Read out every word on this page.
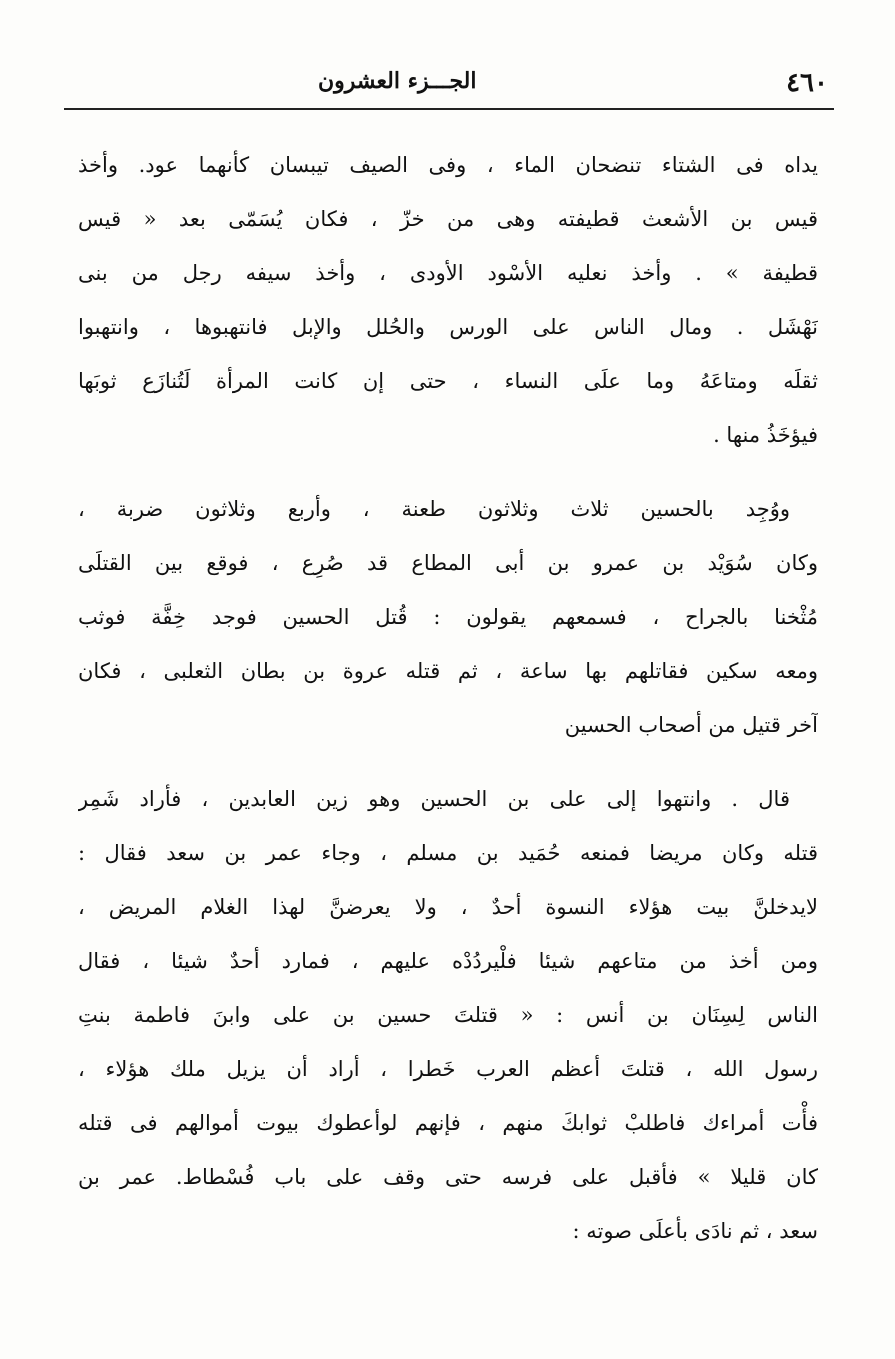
٤٦٠
الجـــزء العشرون
يداه فى الشتاء تنضحان الماء ، وفى الصيف تيبسان كأنهما عود. وأخذ
قيس بن الأشعث قطيفته وهى من خزّ ، فكان يُسَمّى بعد « قيس
قطيفة » . وأخذ نعليه الأسْود الأودى ، وأخذ سيفه رجل من بنى
نَهْشَل . ومال الناس على الورس والحُلل والإبل فانتهبوها ، وانتهبوا
ثقلَه ومتاعَهُ وما علَى النساء ، حتى إن كانت المرأة لَتُنازَع ثوبَها
فيؤخَذُ منها .
ووُجِد بالحسين ثلاث وثلاثون طعنة ، وأربع وثلاثون ضربة ،
وكان سُوَيْد بن عمرو بن أبى المطاع قد صُرِع ، فوقع بين القتلَى
مُثْخنا بالجراح ، فسمعهم يقولون : قُتل الحسين فوجد خِفَّة فوثب
ومعه سكين فقاتلهم بها ساعة ، ثم قتله عروة بن بطان الثعلبى ، فكان
آخر قتيل من أصحاب الحسين
قال . وانتهوا إلى على بن الحسين وهو زين العابدين ، فأراد شَمِر
قتله وكان مريضا فمنعه حُمَيد بن مسلم ، وجاء عمر بن سعد فقال :
لايدخلنَّ بيت هؤلاء النسوة أحدٌ ، ولا يعرضنَّ لهذا الغلام المريض ،
ومن أخذ من متاعهم شيئا فلْيردُدْه عليهم ، فمارد أحدٌ شيئا ، فقال
الناس لِسِنَان بن أنس : « قتلتَ حسين بن على وابنَ فاطمة بنتِ
رسول الله ، قتلتَ أعظم العرب خَطرا ، أراد أن يزيل ملك هؤلاء ،
فأْت أمراءك فاطلبْ ثوابكَ منهم ، فإنهم لوأعطوك بيوت أموالهم فى قتله
كان قليلا » فأقبل على فرسه حتى وقف على باب فُسْطاط. عمر بن
سعد ، ثم نادَى بأعلَى صوته :
